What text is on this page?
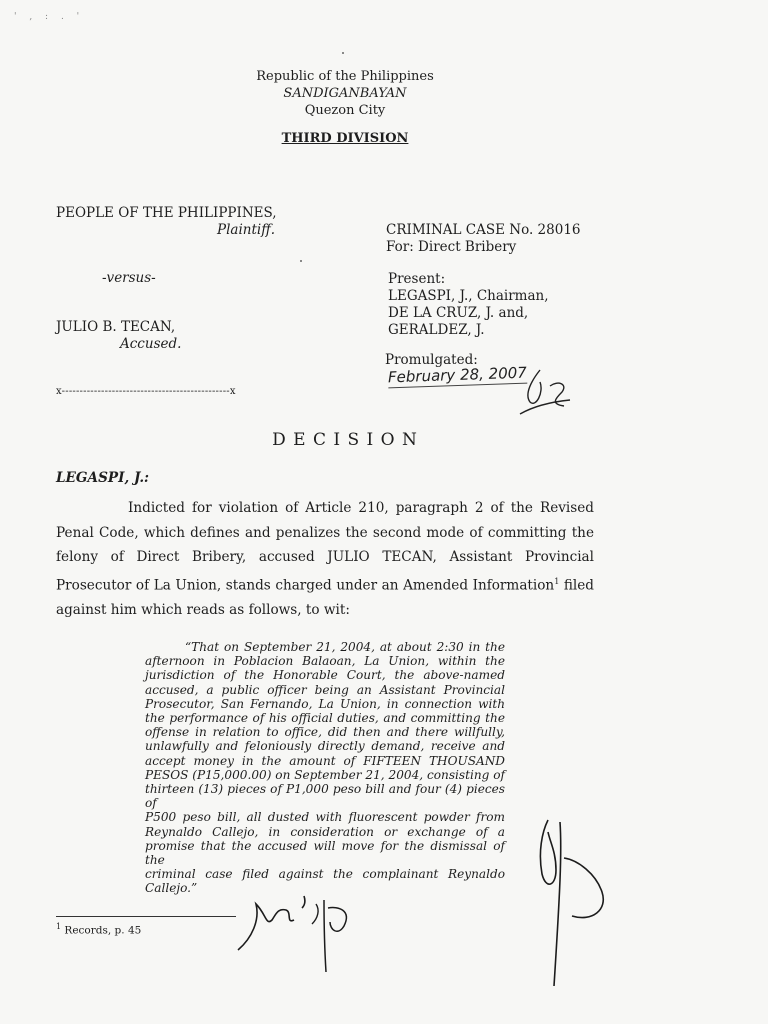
' , : . '
Republic of the Philippines
SANDIGANBAYAN
Quezon City
THIRD DIVISION
PEOPLE OF THE PHILIPPINES,
Plaintiff.
-versus-
JULIO B. TECAN,
Accused.
x-----------------------------------------------x
CRIMINAL CASE No. 28016
For: Direct Bribery
Present:
LEGASPI, J., Chairman,
DE LA CRUZ, J. and,
GERALDEZ, J.
Promulgated:
February 28, 2007
D E C I S I O N
LEGASPI, J.:
Indicted for violation of Article 210, paragraph 2 of the Revised Penal Code, which defines and penalizes the second mode of committing the felony of Direct Bribery, accused JULIO TECAN, Assistant Provincial Prosecutor of La Union, stands charged under an Amended Information$^1$ filed against him which reads as follows, to wit:
“That on September 21, 2004, at about 2:30 in the
afternoon in Poblacion Balaoan, La Union, within the
jurisdiction of the Honorable Court, the above-named
accused, a public officer being an Assistant Provincial
Prosecutor, San Fernando, La Union, in connection with
the performance of his official duties, and committing the
offense in relation to office, did then and there willfully,
unlawfully and feloniously directly demand, receive and
accept money in the amount of FIFTEEN THOUSAND
PESOS (P15,000.00) on September 21, 2004, consisting of
thirteen (13) pieces of P1,000 peso bill and four (4) pieces of
P500 peso bill, all dusted with fluorescent powder from
Reynaldo Callejo, in consideration or exchange of a
promise that the accused will move for the dismissal of the
criminal case filed against the complainant Reynaldo
Callejo.”
$^1$ Records, p. 45
